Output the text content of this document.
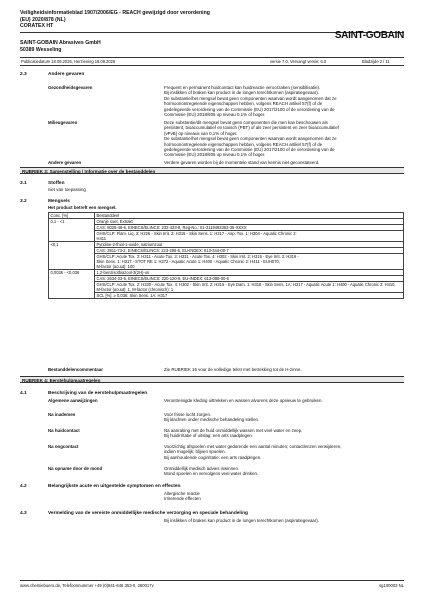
Veiligheidsinformatieblad 1907/2006/EG - REACH gewijzigd door verordening
(EU) 2020/878 (NL)
CORATEX HT
SAINT-GOBAIN Abrasives GmbH
50389 Wesseling
SAINT-GOBAIN
Publicatiedatum 18.09.2026, Herziening 18.09.2026	versie 7.0, Vervangt versie: 6.0	Bladzijde 2 / 11
2.3	Andere gevaren
Gezondheidsgevaren	Frequent en permanent huidcontact kan huidreactie veroorzaken (sensibilisatie).
Bij inslikken of braken kan product in de longen terechtkomen (aspiratiegevaar).
De substantie/het mengsel bevat geen componenten waarvan wordt aangenomen dat ze
hormoonontregelende eigenschappen hebben, volgens REACH artikel 57(f) of de
gedelegeerde verordening van de Commissie (EU) 2017/2100 of de verordening van de
Commissie (EU) 2018/605 op niveau 0,1% of hoger.
Milieugevaren	Deze substantie/dit mengsel bevat geen componenten die men kan beschouwen als
persistent, bioaccumulatief en toxisch (PBT) of als zeer persistent en zeer bioaccumulatief
(vPvB) op niveaus van 0,1% of hoger.
De substantie/het mengsel bevat geen componenten waarvan wordt aangenomen dat ze
hormoonontregelende eigenschappen hebben, volgens REACH artikel 57(f) of de
gedelegeerde verordening van de Commissie (EU) 2017/2100 of de verordening van de
Commissie (EU) 2018/605 op niveau 0,1% of hoger.
Andere gevaren	Verdere gevaren worden bij de momentele stand van kennis niet geconstateerd.
RUBRIEK 3: Samenstelling / Informatie over de bestanddelen
3.1	Stoffen
niet van toepassing
3.2	Mengsels
Het product betreft een mengsel.
Conc. [%]	Bestanddeel
0,1 - <1	Oranje soet, Extrakt
	CAS: 8028-48-6, EINECS/ELINCS: 232-433-8, Reg-No.: 01-2119493353-35-XXXX
	GHS/CLP: Flam. Liq. 3: H226 - Skin Irrit. 2: H315 - Skin Sens. 1: H317 - Asp. Tox. 1: H304 - Aquatic Chronic 2:
H411
<0,1	Pyridine-2-thiol-1-oxide, natriumzout
	CAS: 3811-73-2, EINECS/ELINCS: 223-296-5, EU-INDEX: 613-344-00-7
	GHS/CLP: Acute Tox. 3: H311 - Acute Tox. 3: H331 - Acute Tox. 4: H302 - Skin Irrit. 2: H315 - Eye Irrit. 2: H319 -
Skin Sens. 1: H317 - STOT RE 1: H372 - Aquatic Acute 1: H400 - Aquatic Chronic 2: H411 - EUH070,
M-factor (acuut): 100
0,0036 - <0,036	1,2-benzisothiazool-3(2H)-on
	CAS: 2634-33-5, EINECS/ELINCS: 220-120-9, EU-INDEX: 613-088-00-6
	GHS/CLP: Acute Tox. 2: H330 - Acute Tox. 4: H302 - Skin Irrit. 2: H315 - Eye Dam. 1: H318 - Skin Sens. 1A: H317 - Aquatic Acute 1: H400 - Aquatic Chronic 2: H410,
M-factor (acuut): 1, M-factor (chronisch): 1
	SCL [%]: ≥ 0,036: Skin Sens. 1A: H317
Bestanddelencommentaar	Zie RUBRIEK 16 voor de volledige tekst met betrekking tot de H-zinne.
RUBRIEK 4: Eerstehulpmaatregelen
4.1	Beschrijving van de eerstehulpmaatregelen
Algemene aanwijzingen	Verontreinigde kleding uittrekken en wassen alvorens deze opnieuw te gebruiken.
Na inademen	Voor frisse lucht zorgen.
Bij klachten onder medische behandeling stellen.
Na huidcontact	Na aanraking met de huid onmiddellijk wassen met veel water en zeep.
Bij huidirritatie of uitslag: een arts raadplegen.
Na oogcontact	Voorzichtig afspoelen met water gedurende een aantal minuten; contactlenzen verwijderen,
indien mogelijk; blijven spoelen.
Bij aanhoudende oogirritatie: een arts raadplegen.
Na opname door de mond	Onmiddellijk medisch advies inwinnen.
Mond spoelen en vervolgens veel water drinken.
4.2	Belangrijkste acute en uitgestelde symptomen en effecten
Allergische reactie
Irriterende effecten
4.3	Vermelding van de vereiste onmiddellijke medische verzorging en speciale behandeling
Bij inslikken of braken kan product in de longen terechtkomen (aspiratiegevaar).
www.chemiebuero.de, Telefoonnummer +49 (0)941-646 353-0, 260017v	sg100003 NL
